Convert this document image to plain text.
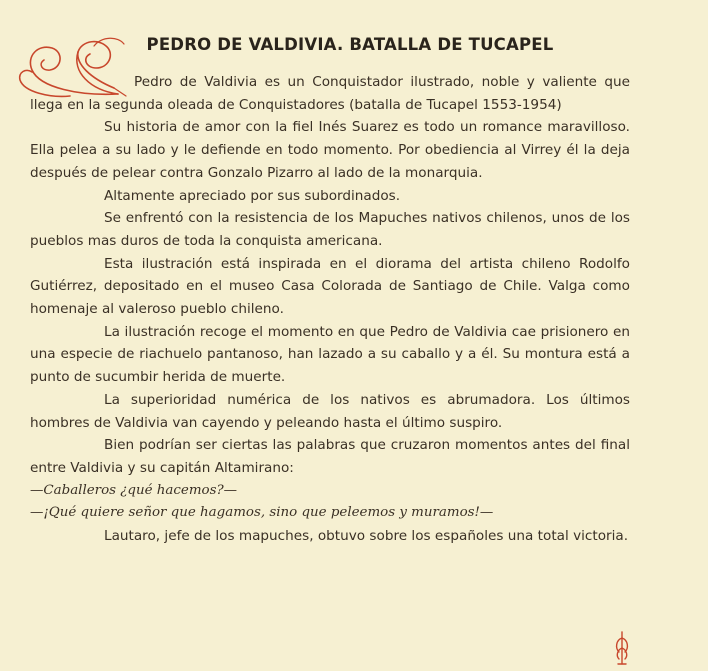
PEDRO DE VALDIVIA. BATALLA DE TUCAPEL

Pedro de Valdivia es un Conquistador ilustrado, noble y valiente que llega en la segunda oleada de Conquistadores (batalla de Tucapel 1553-1954)

Su historia de amor con la fiel Inés Suarez es todo un romance maravilloso. Ella pelea a su lado y le defiende en todo momento. Por obediencia al Virrey él la deja después de pelear contra Gonzalo Pizarro al lado de la monarquia.

Altamente apreciado por sus subordinados.

Se enfrentó con la resistencia de los Mapuches nativos chilenos, unos de los pueblos mas duros de toda la conquista americana.

Esta ilustración está inspirada en el diorama del artista chileno Rodolfo Gutiérrez, depositado en el museo Casa Colorada de Santiago de Chile. Valga como homenaje al valeroso pueblo chileno.

La ilustración recoge el momento en que Pedro de Valdivia cae prisionero en una especie de riachuelo pantanoso, han lazado a su caballo y a él. Su montura está a punto de sucumbir herida de muerte.

La superioridad numérica de los nativos es abrumadora. Los últimos hombres de Valdivia van cayendo y peleando hasta el último suspiro.

Bien podrían ser ciertas las palabras que cruzaron momentos antes del final entre Valdivia y su capitán Altamirano:

—Caballeros ¿qué hacemos?—

—¡Qué quiere señor que hagamos, sino que peleemos y muramos!—

Lautaro, jefe de los mapuches, obtuvo sobre los españoles una total victoria.
